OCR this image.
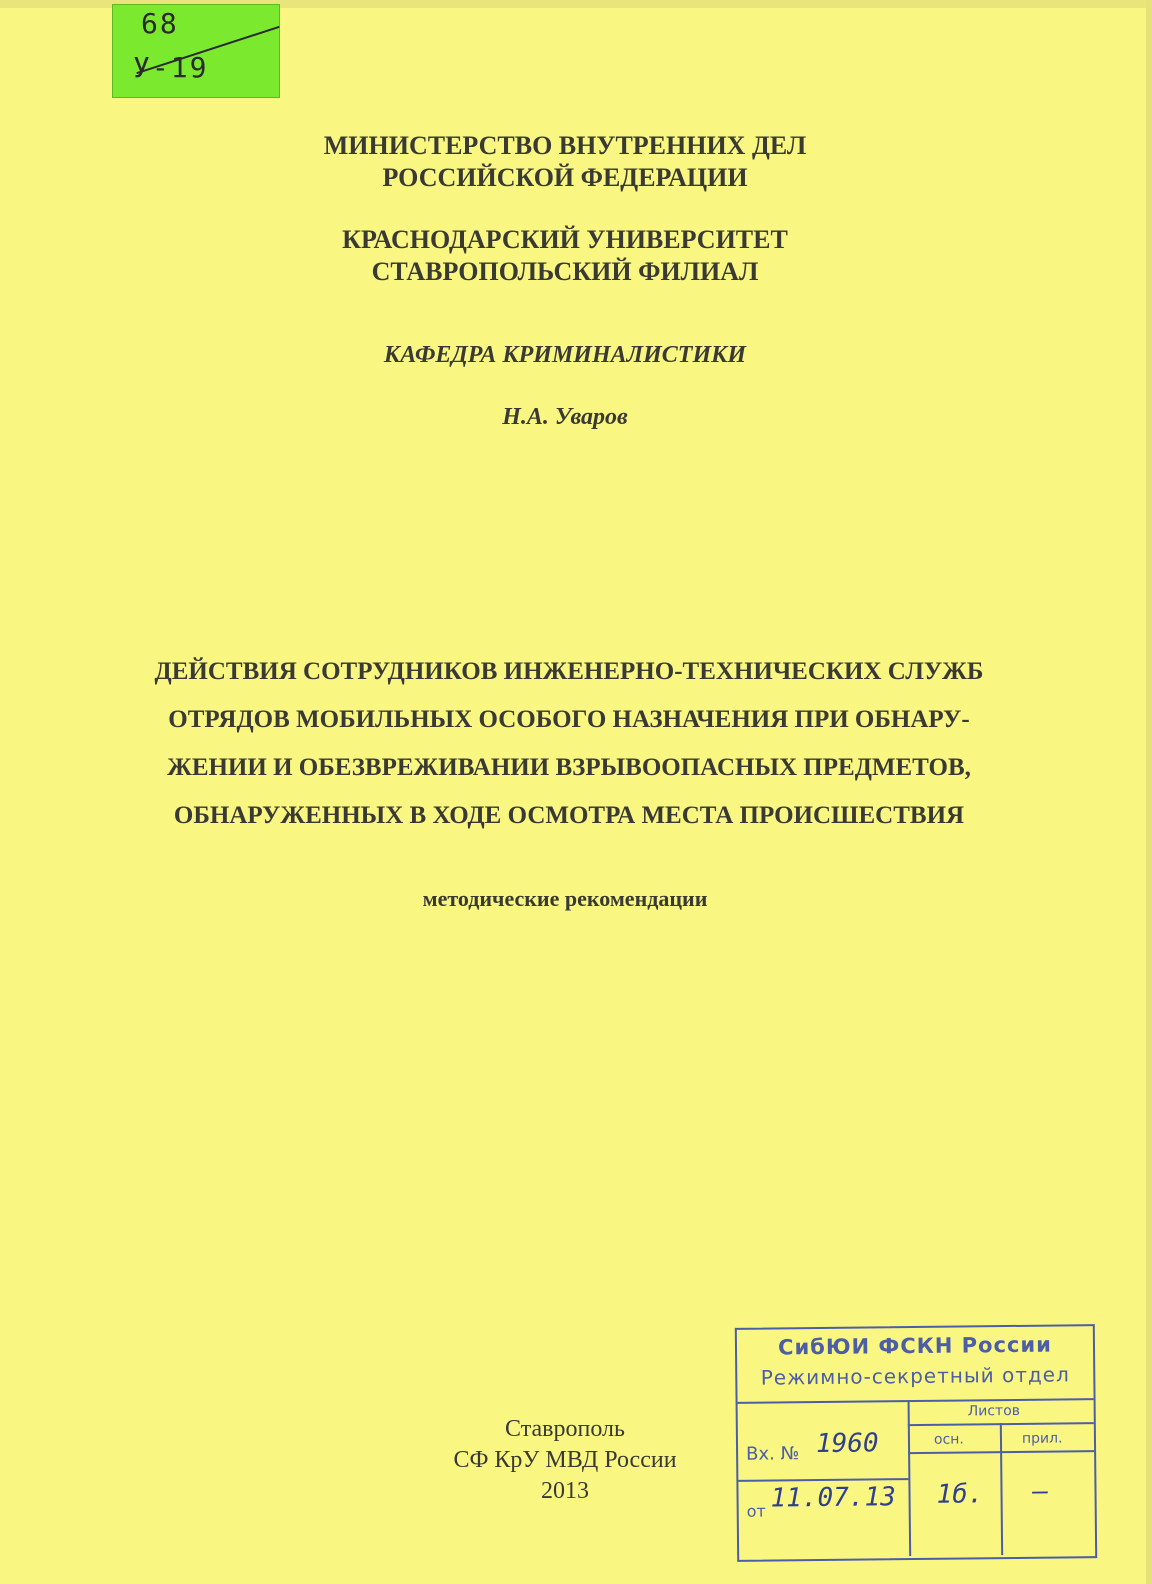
68
У-19
МИНИСТЕРСТВО ВНУТРЕННИХ ДЕЛ
РОССИЙСКОЙ ФЕДЕРАЦИИ
КРАСНОДАРСКИЙ УНИВЕРСИТЕТ
СТАВРОПОЛЬСКИЙ ФИЛИАЛ
КАФЕДРА КРИМИНАЛИСТИКИ
Н.А. Уваров
ДЕЙСТВИЯ СОТРУДНИКОВ ИНЖЕНЕРНО-ТЕХНИЧЕСКИХ СЛУЖБ
ОТРЯДОВ МОБИЛЬНЫХ ОСОБОГО НАЗНАЧЕНИЯ ПРИ ОБНАРУ-
ЖЕНИИ И ОБЕЗВРЕЖИВАНИИ ВЗРЫВООПАСНЫХ ПРЕДМЕТОВ,
ОБНАРУЖЕННЫХ В ХОДЕ ОСМОТРА МЕСТА ПРОИСШЕСТВИЯ
методические рекомендации
Ставрополь
СФ КрУ МВД России
2013
СибЮИ ФСКН России
Режимно-секретный отдел
Листов
осн.	прил.
Вх. № 1960
от 11.07.13 1б. —
